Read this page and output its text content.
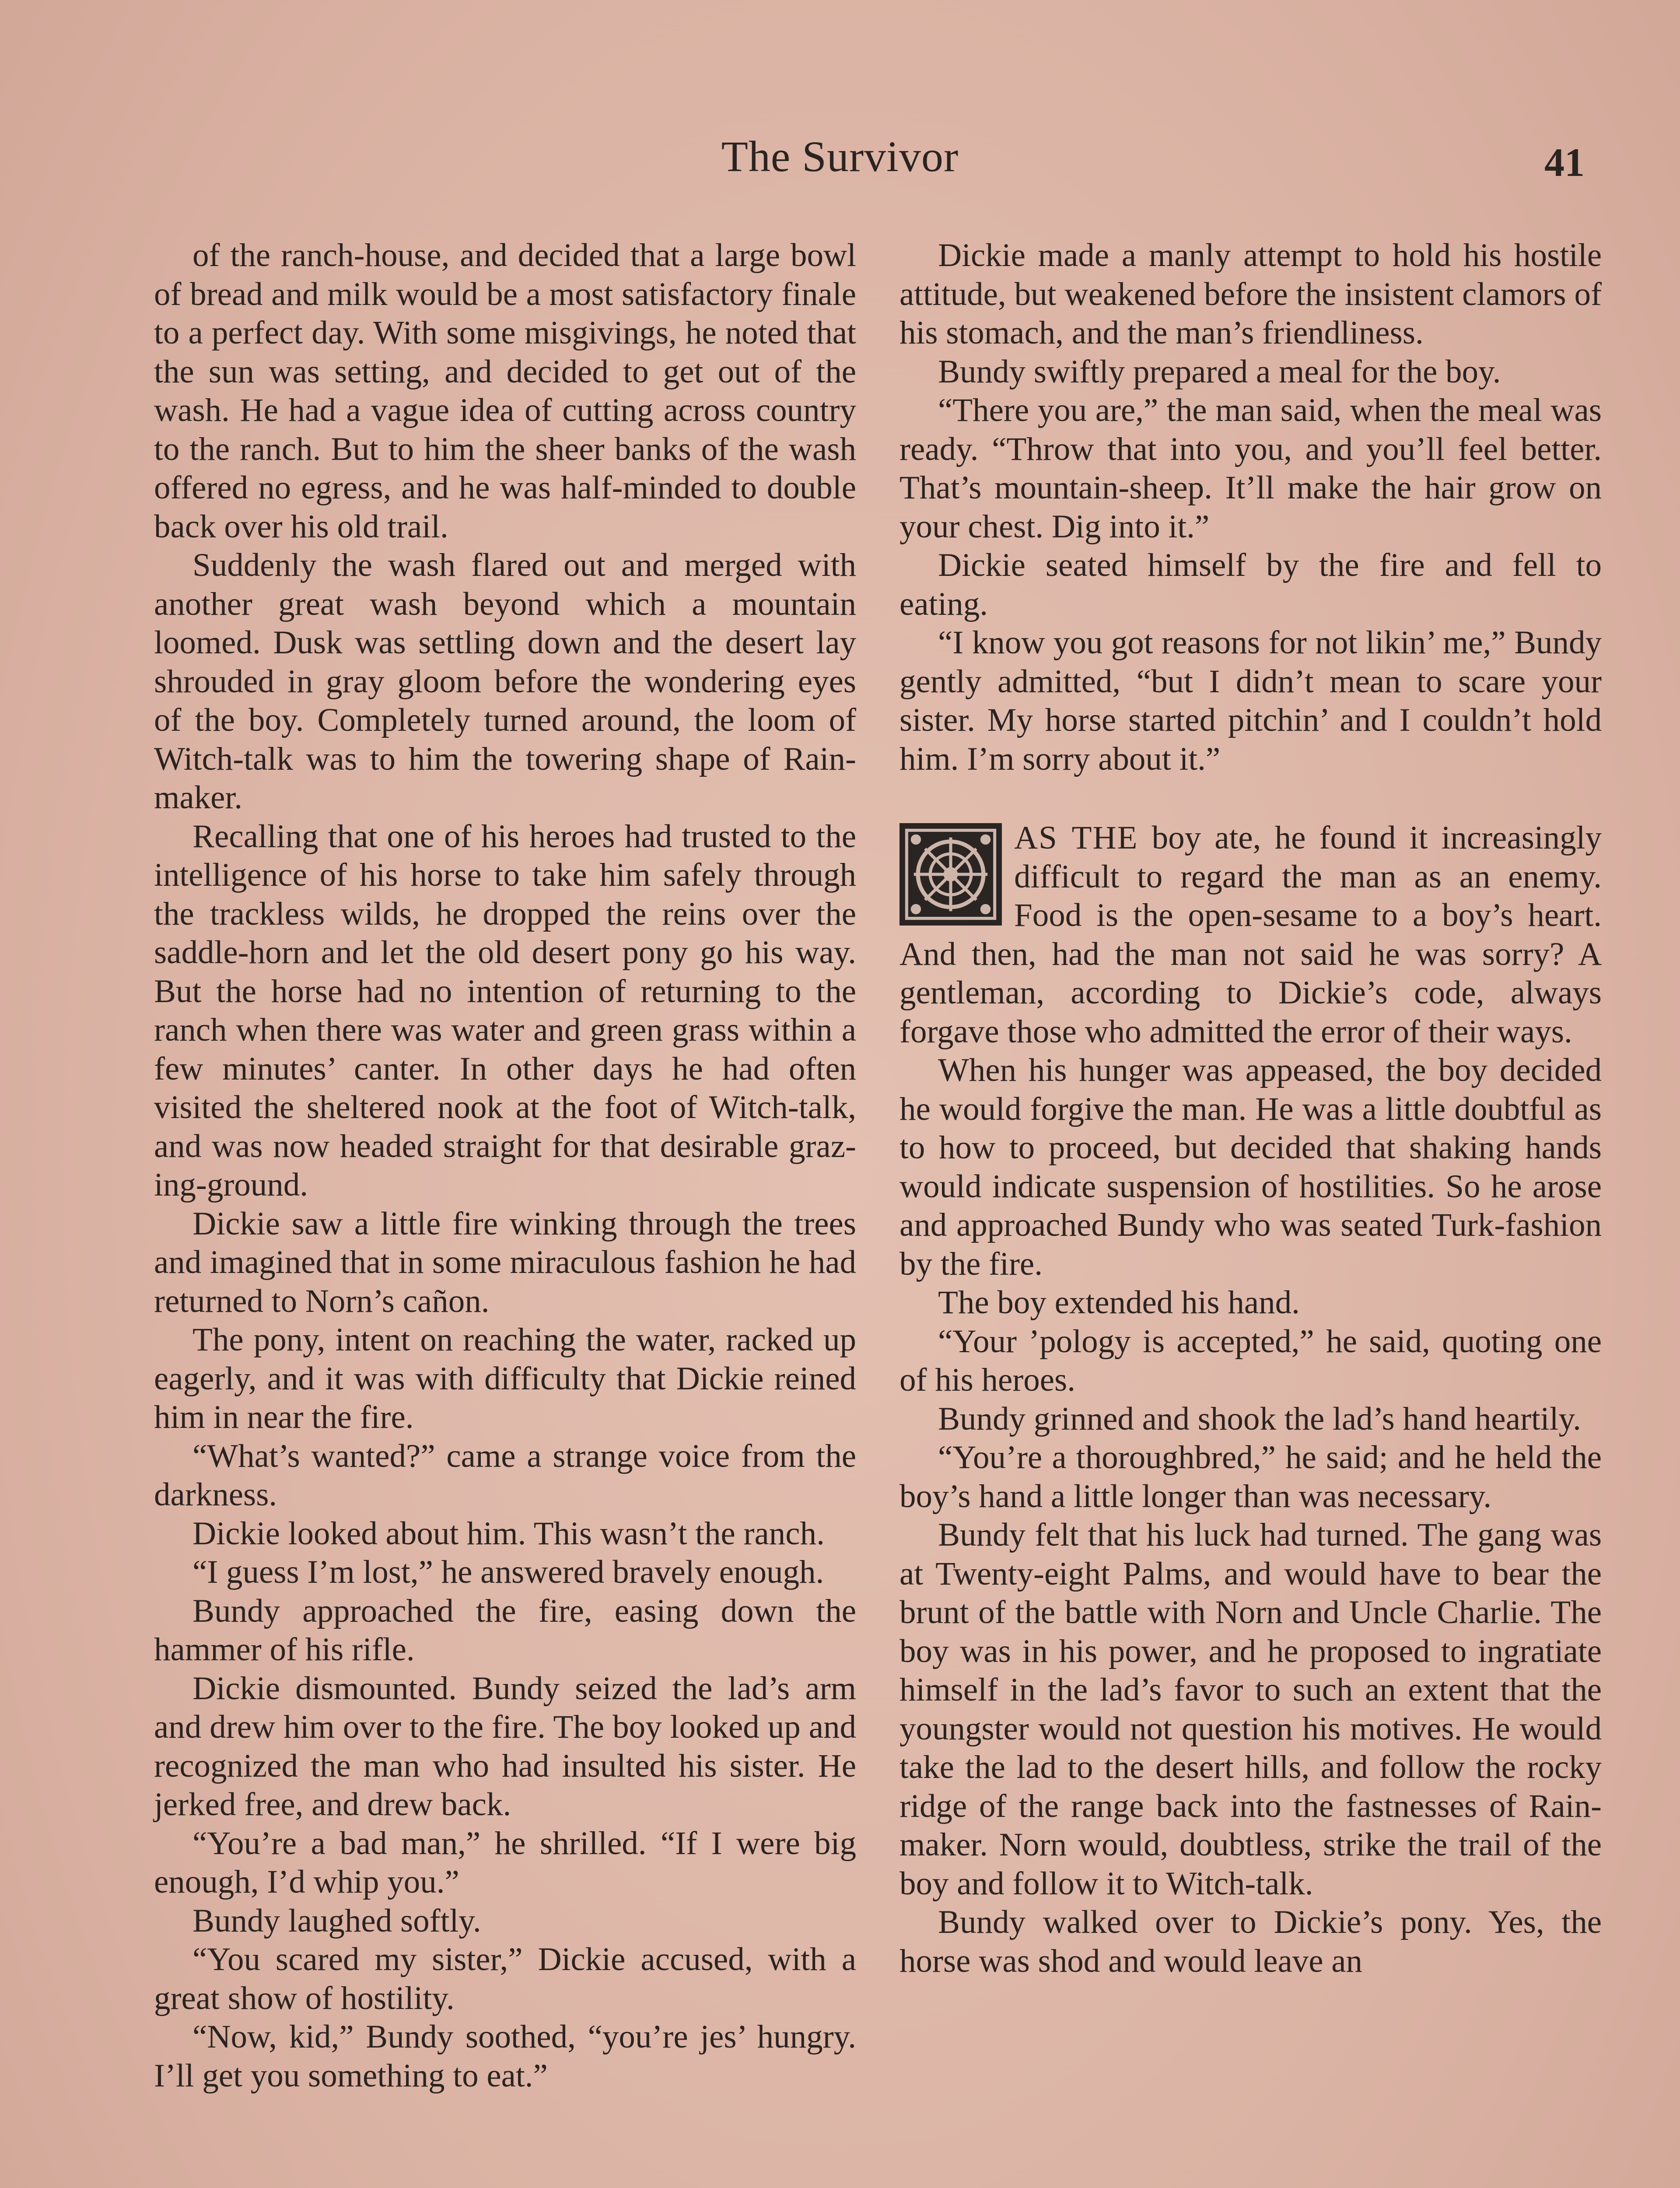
The Survivor	41

of the ranch-house, and decided that a large bowl of bread and milk would be a most satisfactory finale to a perfect day. With some misgivings, he noted that the sun was setting, and decided to get out of the wash. He had a vague idea of cutting across country to the ranch. But to him the sheer banks of the wash offered no egress, and he was half-minded to double back over his old trail.

Suddenly the wash flared out and merged with another great wash beyond which a mountain loomed. Dusk was settling down and the desert lay shrouded in gray gloom before the wondering eyes of the boy. Completely turned around, the loom of Witch-talk was to him the towering shape of Rain-maker.

Recalling that one of his heroes had trusted to the intelligence of his horse to take him safely through the trackless wilds, he dropped the reins over the saddle-horn and let the old desert pony go his way. But the horse had no intention of returning to the ranch when there was water and green grass within a few minutes’ canter. In other days he had often visited the sheltered nook at the foot of Witch-talk, and was now headed straight for that desirable grazing-ground.

Dickie saw a little fire winking through the trees and imagined that in some miraculous fashion he had returned to Norn’s cañon.

The pony, intent on reaching the water, racked up eagerly, and it was with difficulty that Dickie reined him in near the fire.

“What’s wanted?” came a strange voice from the darkness.

Dickie looked about him. This wasn’t the ranch.

“I guess I’m lost,” he answered bravely enough.

Bundy approached the fire, easing down the hammer of his rifle.

Dickie dismounted. Bundy seized the lad’s arm and drew him over to the fire. The boy looked up and recognized the man who had insulted his sister. He jerked free, and drew back.

“You’re a bad man,” he shrilled. “If I were big enough, I’d whip you.”

Bundy laughed softly.

“You scared my sister,” Dickie accused, with a great show of hostility.

“Now, kid,” Bundy soothed, “you’re jes’ hungry. I’ll get you something to eat.”

Dickie made a manly attempt to hold his hostile attitude, but weakened before the insistent clamors of his stomach, and the man’s friendliness.

Bundy swiftly prepared a meal for the boy.

“There you are,” the man said, when the meal was ready. “Throw that into you, and you’ll feel better. That’s mountain-sheep. It’ll make the hair grow on your chest. Dig into it.”

Dickie seated himself by the fire and fell to eating.

“I know you got reasons for not likin’ me,” Bundy gently admitted, “but I didn’t mean to scare your sister. My horse started pitchin’ and I couldn’t hold him. I’m sorry about it.”

AS THE boy ate, he found it increasingly difficult to regard the man as an enemy. Food is the open-sesame to a boy’s heart. And then, had the man not said he was sorry? A gentleman, according to Dickie’s code, always forgave those who admitted the error of their ways.

When his hunger was appeased, the boy decided he would forgive the man. He was a little doubtful as to how to proceed, but decided that shaking hands would indicate suspension of hostilities. So he arose and approached Bundy who was seated Turk-fashion by the fire.

The boy extended his hand.

“Your ’pology is accepted,” he said, quoting one of his heroes.

Bundy grinned and shook the lad’s hand heartily.

“You’re a thoroughbred,” he said; and he held the boy’s hand a little longer than was necessary.

Bundy felt that his luck had turned. The gang was at Twenty-eight Palms, and would have to bear the brunt of the battle with Norn and Uncle Charlie. The boy was in his power, and he proposed to ingratiate himself in the lad’s favor to such an extent that the youngster would not question his motives. He would take the lad to the desert hills, and follow the rocky ridge of the range back into the fastnesses of Rain-maker. Norn would, doubtless, strike the trail of the boy and follow it to Witch-talk.

Bundy walked over to Dickie’s pony. Yes, the horse was shod and would leave an
